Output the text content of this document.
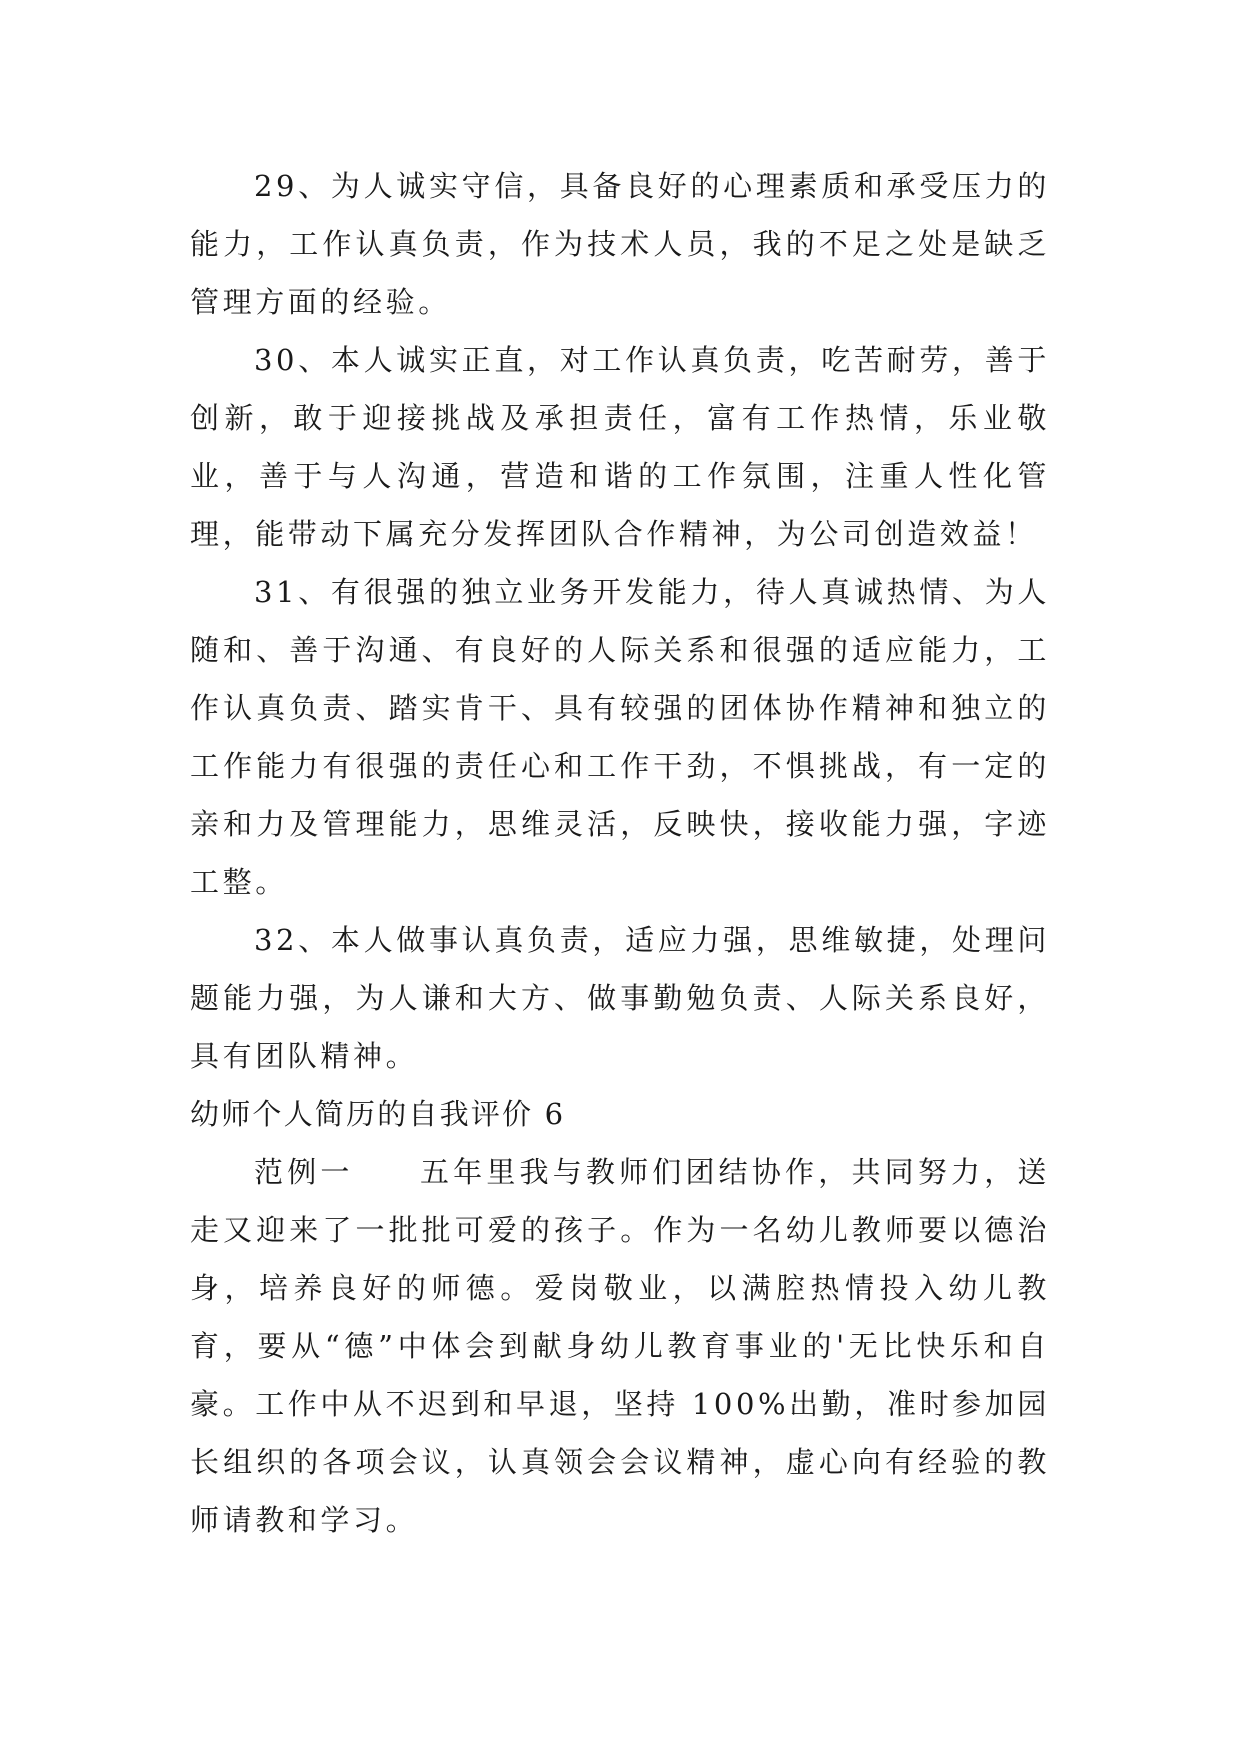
29、为人诚实守信，具备良好的心理素质和承受压力的能力，工作认真负责，作为技术人员，我的不足之处是缺乏管理方面的经验。

30、本人诚实正直，对工作认真负责，吃苦耐劳，善于创新，敢于迎接挑战及承担责任，富有工作热情，乐业敬业，善于与人沟通，营造和谐的工作氛围，注重人性化管理，能带动下属充分发挥团队合作精神，为公司创造效益！

31、有很强的独立业务开发能力，待人真诚热情、为人随和、善于沟通、有良好的人际关系和很强的适应能力，工作认真负责、踏实肯干、具有较强的团体协作精神和独立的工作能力有很强的责任心和工作干劲，不惧挑战，有一定的亲和力及管理能力，思维灵活，反映快，接收能力强，字迹工整。

32、本人做事认真负责，适应力强，思维敏捷，处理问题能力强，为人谦和大方、做事勤勉负责、人际关系良好，具有团队精神。

幼师个人简历的自我评价 6

范例一　　五年里我与教师们团结协作，共同努力，送走又迎来了一批批可爱的孩子。作为一名幼儿教师要以德治身，培养良好的师德。爱岗敬业，以满腔热情投入幼儿教育，要从“德”中体会到献身幼儿教育事业的'无比快乐和自豪。工作中从不迟到和早退，坚持 100%出勤，准时参加园长组织的各项会议，认真领会会议精神，虚心向有经验的教师请教和学习。
